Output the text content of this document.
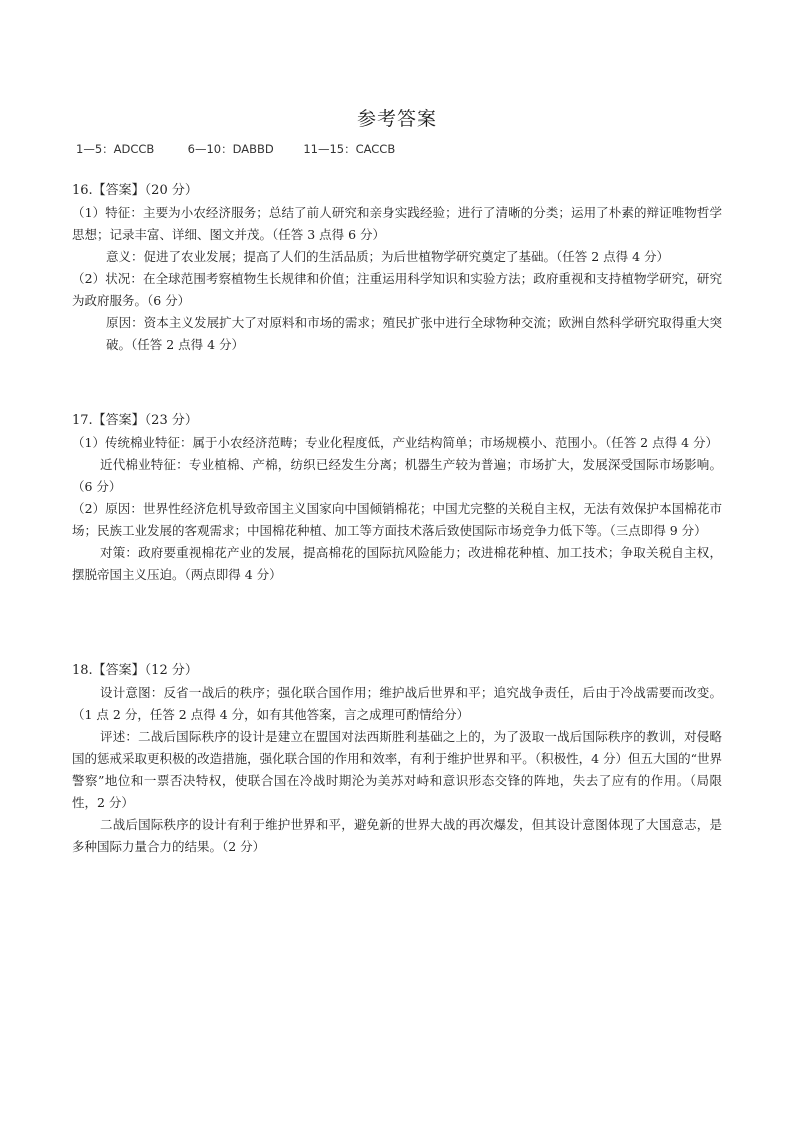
参考答案
1—5：ADCCB	6—10：DABBD	11—15：CACCB

16.【答案】（20 分）

（1）特征：主要为小农经济服务；总结了前人研究和亲身实践经验；进行了清晰的分类；运用了朴素的辩证唯物哲学思想；记录丰富、详细、图文并茂。（任答 3 点得 6 分）

意义：促进了农业发展；提高了人们的生活品质；为后世植物学研究奠定了基础。（任答 2 点得 4 分）

（2）状况：在全球范围考察植物生长规律和价值；注重运用科学知识和实验方法；政府重视和支持植物学研究，研究为政府服务。（6 分）

原因：资本主义发展扩大了对原料和市场的需求；殖民扩张中进行全球物种交流；欧洲自然科学研究取得重大突破。（任答 2 点得 4 分）

17.【答案】（23 分）

（1）传统棉业特征：属于小农经济范畴；专业化程度低，产业结构简单；市场规模小、范围小。（任答 2 点得 4 分）

近代棉业特征：专业植棉、产棉，纺织已经发生分离；机器生产较为普遍；市场扩大，发展深受国际市场影响。（6 分）

（2）原因：世界性经济危机导致帝国主义国家向中国倾销棉花；中国尤完整的关税自主权，无法有效保护本国棉花市场；民族工业发展的客观需求；中国棉花种植、加工等方面技术落后致使国际市场竞争力低下等。（三点即得 9 分）

对策：政府要重视棉花产业的发展，提高棉花的国际抗风险能力；改进棉花种植、加工技术；争取关税自主权，摆脱帝国主义压迫。（两点即得 4 分）

18.【答案】（12 分）

设计意图：反省一战后的秩序；强化联合国作用；维护战后世界和平；追究战争责任，后由于冷战需要而改变。（1 点 2 分，任答 2 点得 4 分，如有其他答案，言之成理可酌情给分）

评述：二战后国际秩序的设计是建立在盟国对法西斯胜利基础之上的，为了汲取一战后国际秩序的教训，对侵略国的惩戒采取更积极的改造措施，强化联合国的作用和效率，有利于维护世界和平。（积极性，4 分）但五大国的“世界警察”地位和一票否决特权，使联合国在冷战时期沦为美苏对峙和意识形态交锋的阵地，失去了应有的作用。（局限性，2 分）

二战后国际秩序的设计有利于维护世界和平，避免新的世界大战的再次爆发，但其设计意图体现了大国意志，是多种国际力量合力的结果。（2 分）
